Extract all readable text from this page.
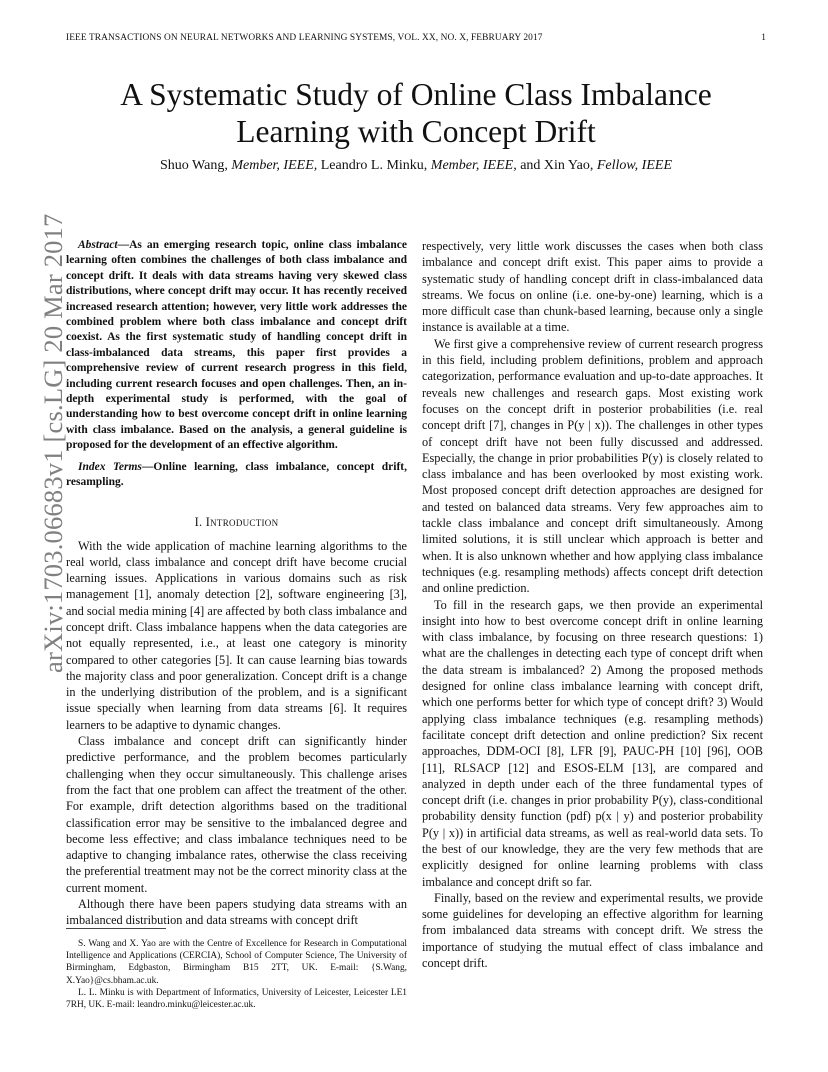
IEEE TRANSACTIONS ON NEURAL NETWORKS AND LEARNING SYSTEMS, VOL. XX, NO. X, FEBRUARY 2017	1
arXiv:1703.06683v1 [cs.LG] 20 Mar 2017
A Systematic Study of Online Class Imbalance Learning with Concept Drift
Shuo Wang, Member, IEEE, Leandro L. Minku, Member, IEEE, and Xin Yao, Fellow, IEEE

Abstract—As an emerging research topic, online class imbalance learning often combines the challenges of both class imbalance and concept drift. It deals with data streams having very skewed class distributions, where concept drift may occur. It has recently received increased research attention; however, very little work addresses the combined problem where both class imbalance and concept drift coexist. As the first systematic study of handling concept drift in class-imbalanced data streams, this paper first provides a comprehensive review of current research progress in this field, including current research focuses and open challenges. Then, an in-depth experimental study is performed, with the goal of understanding how to best overcome concept drift in online learning with class imbalance. Based on the analysis, a general guideline is proposed for the development of an effective algorithm.

Index Terms—Online learning, class imbalance, concept drift, resampling.

I. Introduction

With the wide application of machine learning algorithms to the real world, class imbalance and concept drift have become crucial learning issues. Applications in various domains such as risk management [1], anomaly detection [2], software engineering [3], and social media mining [4] are affected by both class imbalance and concept drift. Class imbalance happens when the data categories are not equally represented, i.e., at least one category is minority compared to other categories [5]. It can cause learning bias towards the majority class and poor generalization. Concept drift is a change in the underlying distribution of the problem, and is a significant issue specially when learning from data streams [6]. It requires learners to be adaptive to dynamic changes.

Class imbalance and concept drift can significantly hinder predictive performance, and the problem becomes particularly challenging when they occur simultaneously. This challenge arises from the fact that one problem can affect the treatment of the other. For example, drift detection algorithms based on the traditional classification error may be sensitive to the imbalanced degree and become less effective; and class imbalance techniques need to be adaptive to changing imbalance rates, otherwise the class receiving the preferential treatment may not be the correct minority class at the current moment.

Although there have been papers studying data streams with an imbalanced distribution and data streams with concept drift

respectively, very little work discusses the cases when both class imbalance and concept drift exist. This paper aims to provide a systematic study of handling concept drift in class-imbalanced data streams. We focus on online (i.e. one-by-one) learning, which is a more difficult case than chunk-based learning, because only a single instance is available at a time.

We first give a comprehensive review of current research progress in this field, including problem definitions, problem and approach categorization, performance evaluation and up-to-date approaches. It reveals new challenges and research gaps. Most existing work focuses on the concept drift in posterior probabilities (i.e. real concept drift [7], changes in P(y | x)). The challenges in other types of concept drift have not been fully discussed and addressed. Especially, the change in prior probabilities P(y) is closely related to class imbalance and has been overlooked by most existing work. Most proposed concept drift detection approaches are designed for and tested on balanced data streams. Very few approaches aim to tackle class imbalance and concept drift simultaneously. Among limited solutions, it is still unclear which approach is better and when. It is also unknown whether and how applying class imbalance techniques (e.g. resampling methods) affects concept drift detection and online prediction.

To fill in the research gaps, we then provide an experimental insight into how to best overcome concept drift in online learning with class imbalance, by focusing on three research questions: 1) what are the challenges in detecting each type of concept drift when the data stream is imbalanced? 2) Among the proposed methods designed for online class imbalance learning with concept drift, which one performs better for which type of concept drift? 3) Would applying class imbalance techniques (e.g. resampling methods) facilitate concept drift detection and online prediction? Six recent approaches, DDM-OCI [8], LFR [9], PAUC-PH [10] [96], OOB [11], RLSACP [12] and ESOS-ELM [13], are compared and analyzed in depth under each of the three fundamental types of concept drift (i.e. changes in prior probability P(y), class-conditional probability density function (pdf) p(x | y) and posterior probability P(y | x)) in artificial data streams, as well as real-world data sets. To the best of our knowledge, they are the very few methods that are explicitly designed for online learning problems with class imbalance and concept drift so far.

Finally, based on the review and experimental results, we provide some guidelines for developing an effective algorithm for learning from imbalanced data streams with concept drift. We stress the importance of studying the mutual effect of class imbalance and concept drift.

S. Wang and X. Yao are with the Centre of Excellence for Research in Computational Intelligence and Applications (CERCIA), School of Computer Science, The University of Birmingham, Edgbaston, Birmingham B15 2TT, UK. E-mail: {S.Wang, X.Yao}@cs.bham.ac.uk.

L. L. Minku is with Department of Informatics, University of Leicester, Leicester LE1 7RH, UK. E-mail: leandro.minku@leicester.ac.uk.
